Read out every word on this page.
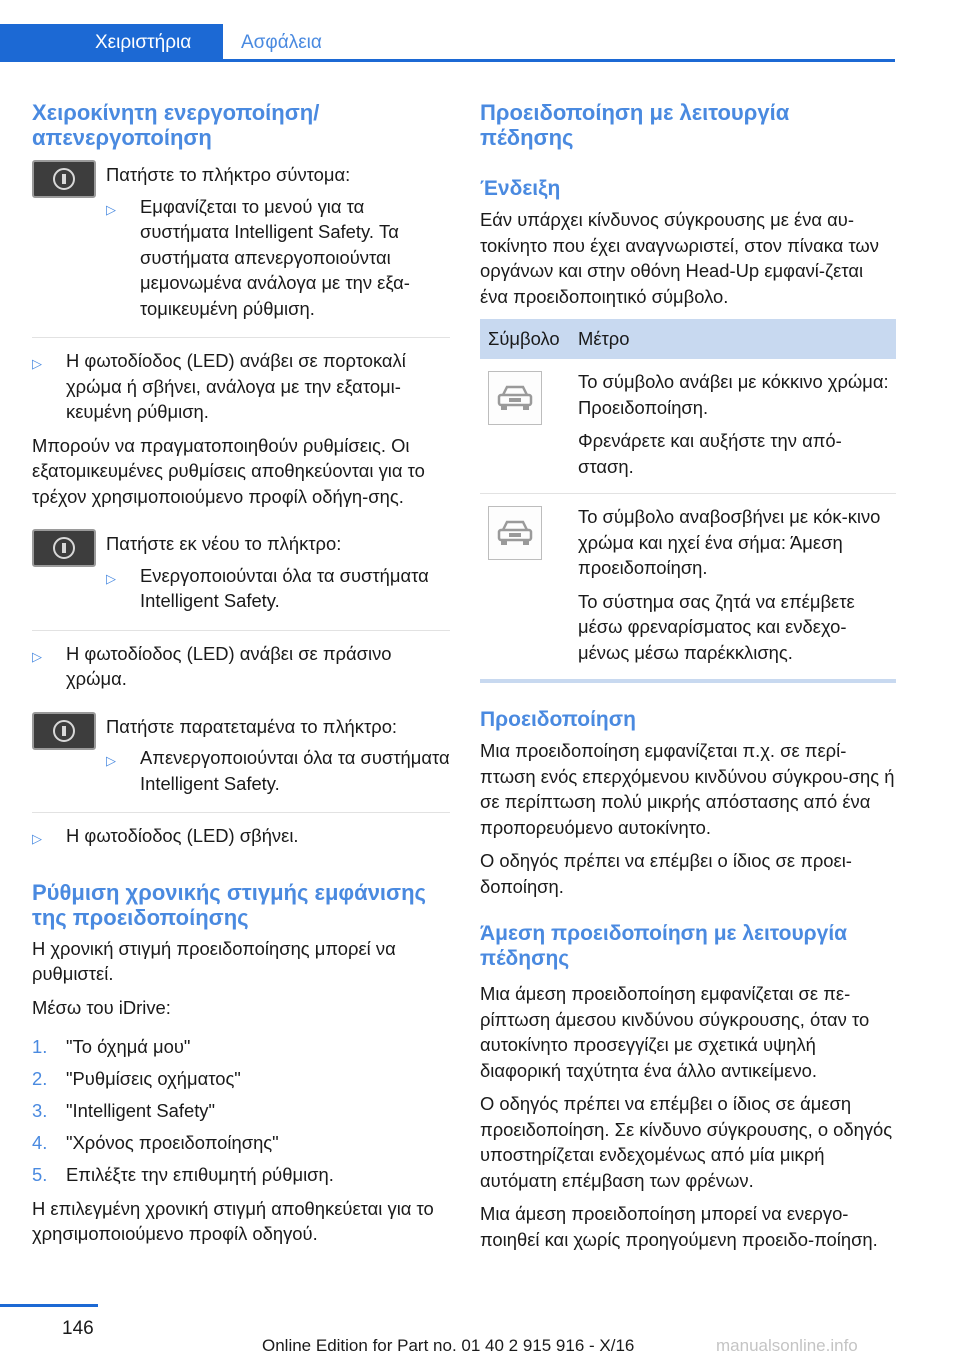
Χειριστήρια	Ασφάλεια
Χειροκίνητη ενεργοποίηση/ απενεργοποίηση

Πατήστε το πλήκτρο σύντομα:

▷	Εμφανίζεται το μενού για τα συστήματα Intelligent Safety. Τα συστήματα απενεργοποιούνται μεμονωμένα ανάλογα με την εξα‐τομικευμένη ρύθμιση.
▷	Η φωτοδίοδος (LED) ανάβει σε πορτοκαλί χρώμα ή σβήνει, ανάλογα με την εξατομι‐κευμένη ρύθμιση.

Μπορούν να πραγματοποιηθούν ρυθμίσεις. Οι εξατομικευμένες ρυθμίσεις αποθηκεύονται για το τρέχον χρησιμοποιούμενο προφίλ οδήγη‐σης.

Πατήστε εκ νέου το πλήκτρο:

▷	Ενεργοποιούνται όλα τα συστήματα Intelligent Safety.
▷	Η φωτοδίοδος (LED) ανάβει σε πράσινο χρώμα.

Πατήστε παρατεταμένα το πλήκτρο:

▷	Απενεργοποιούνται όλα τα συστήματα Intelligent Safety.
▷	Η φωτοδίοδος (LED) σβήνει.
Ρύθμιση χρονικής στιγμής εμφάνισης της προειδοποίησης

Η χρονική στιγμή προειδοποίησης μπορεί να ρυθμιστεί.

Μέσω του iDrive:

1.	"Το όχημά μου"
2.	"Ρυθμίσεις οχήματος"
3.	"Intelligent Safety"
4.	"Χρόνος προειδοποίησης"
5.	Επιλέξτε την επιθυμητή ρύθμιση.

Η επιλεγμένη χρονική στιγμή αποθηκεύεται για το χρησιμοποιούμενο προφίλ οδηγού.

Προειδοποίηση με λειτουργία πέδησης
Ένδειξη

Εάν υπάρχει κίνδυνος σύγκρουσης με ένα αυ‐τοκίνητο που έχει αναγνωριστεί, στον πίνακα των οργάνων και στην οθόνη Head-Up εμφανί‐ζεται ένα προειδοποιητικό σύμβολο.

Σύμβολο Μέτρο

Το σύμβολο ανάβει με κόκκινο χρώμα: Προειδοποίηση.

Φρενάρετε και αυξήστε την από‐σταση.

Το σύμβολο αναβοσβήνει με κόκ‐κινο χρώμα και ηχεί ένα σήμα: Άμεση προειδοποίηση.

Το σύστημα σας ζητά να επέμβετε μέσω φρεναρίσματος και ενδεχο‐μένως μέσω παρέκκλισης.

Προειδοποίηση

Μια προειδοποίηση εμφανίζεται π.χ. σε περί‐πτωση ενός επερχόμενου κινδύνου σύγκρου‐σης ή σε περίπτωση πολύ μικρής απόστασης από ένα προπορευόμενο αυτοκίνητο.

Ο οδηγός πρέπει να επέμβει ο ίδιος σε προει‐δοποίηση.

Άμεση προειδοποίηση με λειτουργία πέδησης

Μια άμεση προειδοποίηση εμφανίζεται σε πε‐ρίπτωση άμεσου κινδύνου σύγκρουσης, όταν το αυτοκίνητο προσεγγίζει με σχετικά υψηλή διαφορική ταχύτητα ένα άλλο αντικείμενο.

Ο οδηγός πρέπει να επέμβει ο ίδιος σε άμεση προειδοποίηση. Σε κίνδυνο σύγκρουσης, ο οδηγός υποστηρίζεται ενδεχομένως από μία μικρή αυτόματη επέμβαση των φρένων.

Μια άμεση προειδοποίηση μπορεί να ενεργο‐ποιηθεί και χωρίς προηγούμενη προειδο‐ποίηση.

146
Online Edition for Part no. 01 40 2 915 916 - X/16	manualsonline.info
